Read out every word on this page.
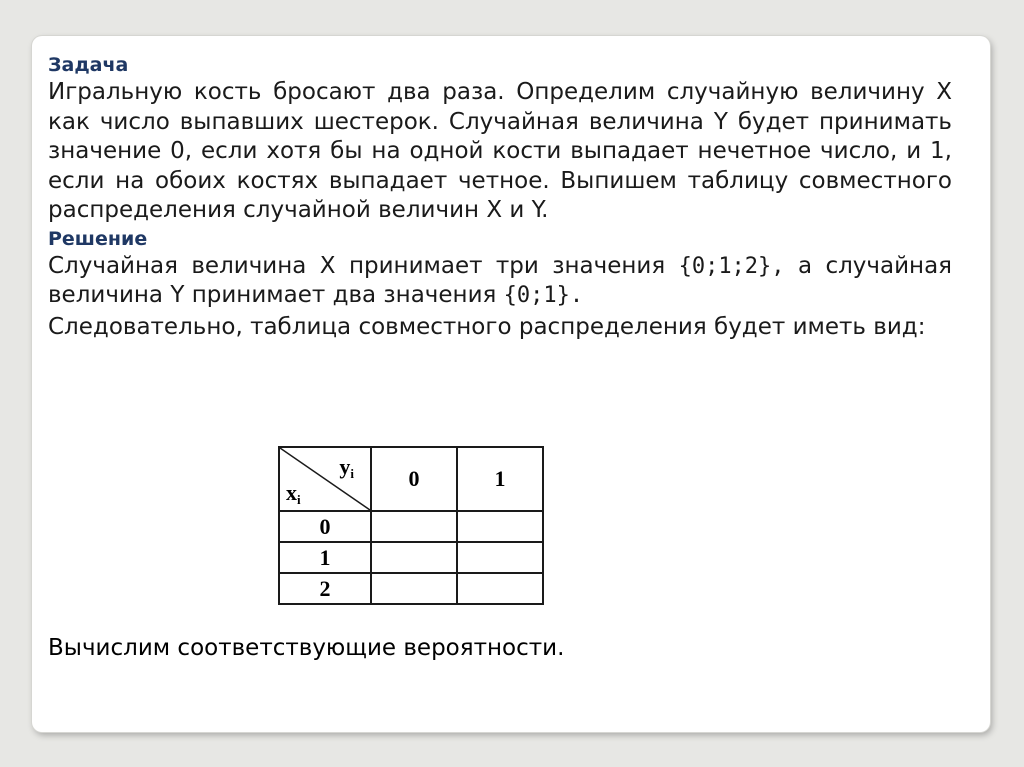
Задача

Игральную кость бросают два раза. Определим случайную величину X как число выпавших шестерок. Случайная величина Y будет принимать значение 0, если хотя бы на одной кости выпадает нечетное число, и 1, если на обоих костях выпадает четное. Выпишем таблицу совместного распределения случайной величин X и Y.

Решение

Случайная величина X принимает три значения {0;1;2}, а случайная величина Y принимает два значения {0;1}.

Следовательно, таблица совместного распределения будет иметь вид:

$y_i$
$x_i$	0	1
0		
1		
2		
Вычислим соответствующие вероятности.
